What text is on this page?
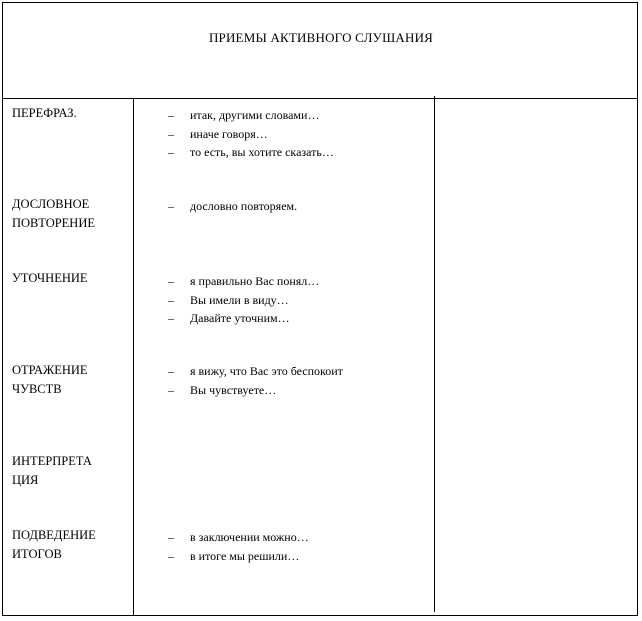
ПРИЕМЫ АКТИВНОГО СЛУШАНИЯ
ПЕРЕФРАЗ.	– итак, другими словами…
– иначе говоря…
– то есть, вы хотите сказать…
ДОСЛОВНОЕ
ПОВТОРЕНИЕ
– дословно повторяем.
УТОЧНЕНИЕ	– я правильно Вас понял…
– Вы имели в виду…
– Давайте уточним…
ОТРАЖЕНИЕ
ЧУВСТВ
– я вижу, что Вас это беспокоит
– Вы чувствуете…
ИНТЕРПРЕТА
ЦИЯ
ПОДВЕДЕНИЕ
ИТОГОВ
– в заключении можно…
– в итоге мы решили…
